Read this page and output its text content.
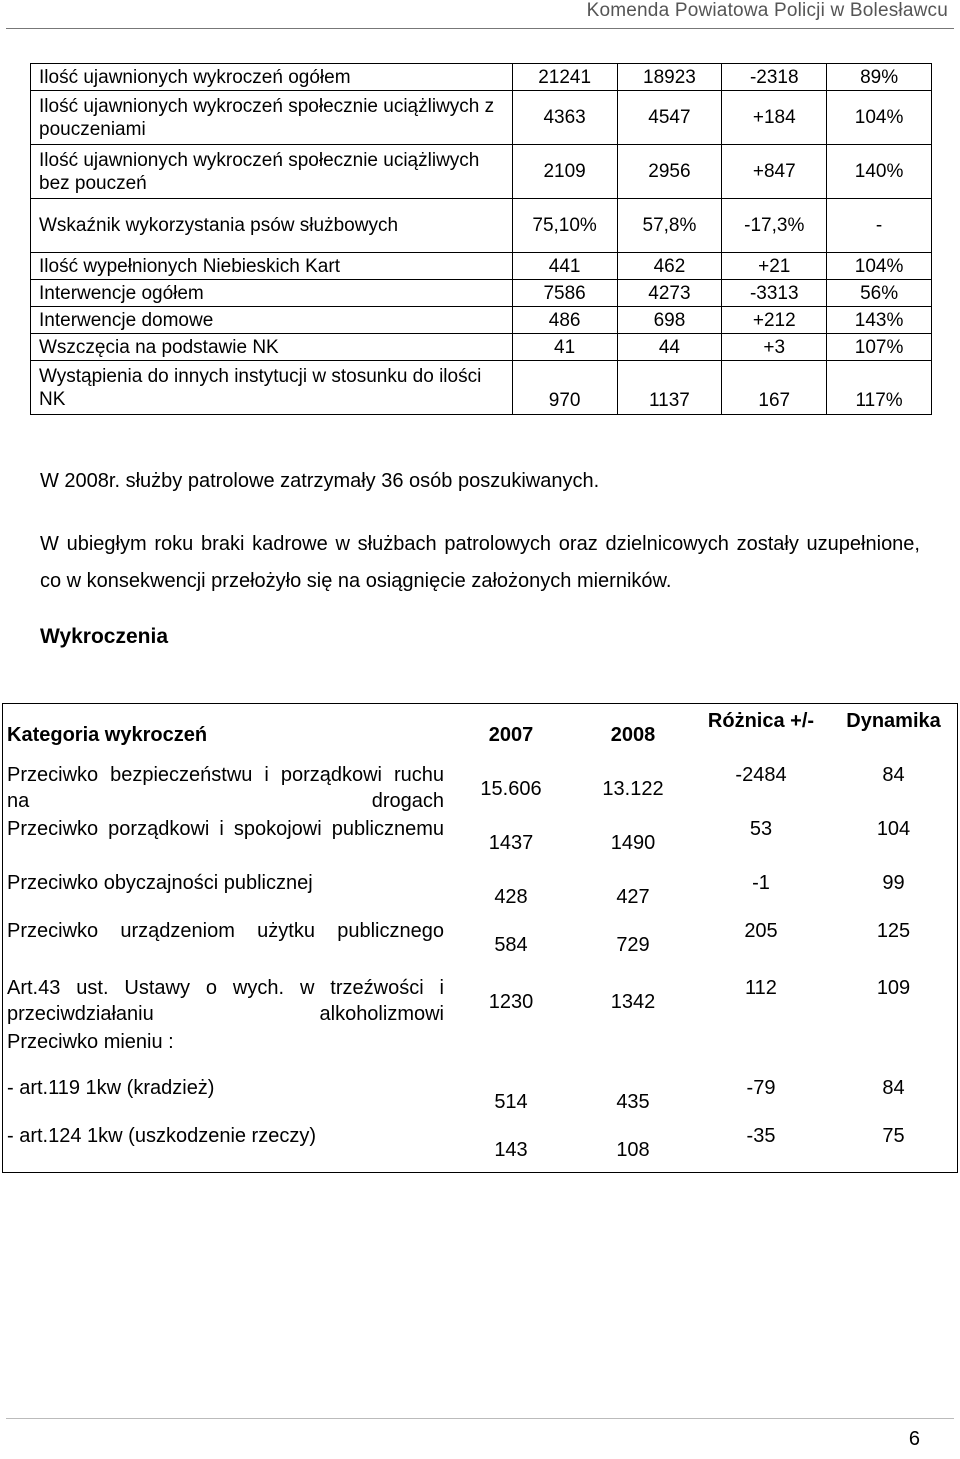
Komenda Powiatowa Policji w Bolesławcu
Ilość ujawnionych wykroczeń ogółem	21241	18923	-2318	89%
Ilość ujawnionych wykroczeń społecznie uciążliwych z pouczeniami	4363	4547	+184	104%
Ilość ujawnionych wykroczeń społecznie uciążliwych bez pouczeń	2109	2956	+847	140%
Wskaźnik wykorzystania psów służbowych	75,10%	57,8%	-17,3%	-
Ilość wypełnionych Niebieskich Kart	441	462	+21	104%
Interwencje ogółem	7586	4273	-3313	56%
Interwencje domowe	486	698	+212	143%
Wszczęcia na podstawie NK	41	44	+3	107%
Wystąpienia do innych instytucji w stosunku do ilości NK	970	1137	167	117%
W 2008r. służby patrolowe zatrzymały 36 osób poszukiwanych.
W ubiegłym roku braki kadrowe w służbach patrolowych oraz dzielnicowych zostały uzupełnione, co w konsekwencji przełożyło się na osiągnięcie założonych mierników.
Wykroczenia
Kategoria wykroczeń	2007	2008	Różnica +/-	Dynamika
Przeciwko bezpieczeństwu i porządkowi ruchu na drogach	15.606	13.122	-2484	84
Przeciwko porządkowi i spokojowi publicznemu	1437	1490	53	104
Przeciwko obyczajności publicznej	428	427	-1	99
Przeciwko urządzeniom użytku publicznego	584	729	205	125
Art.43 ust. Ustawy o wych. w trzeźwości i przeciwdziałaniu alkoholizmowi	1230	1342	112	109
Przeciwko mieniu :				
- art.119 1kw (kradzież)	514	435	-79	84
- art.124 1kw (uszkodzenie rzeczy)	143	108	-35	75
6
